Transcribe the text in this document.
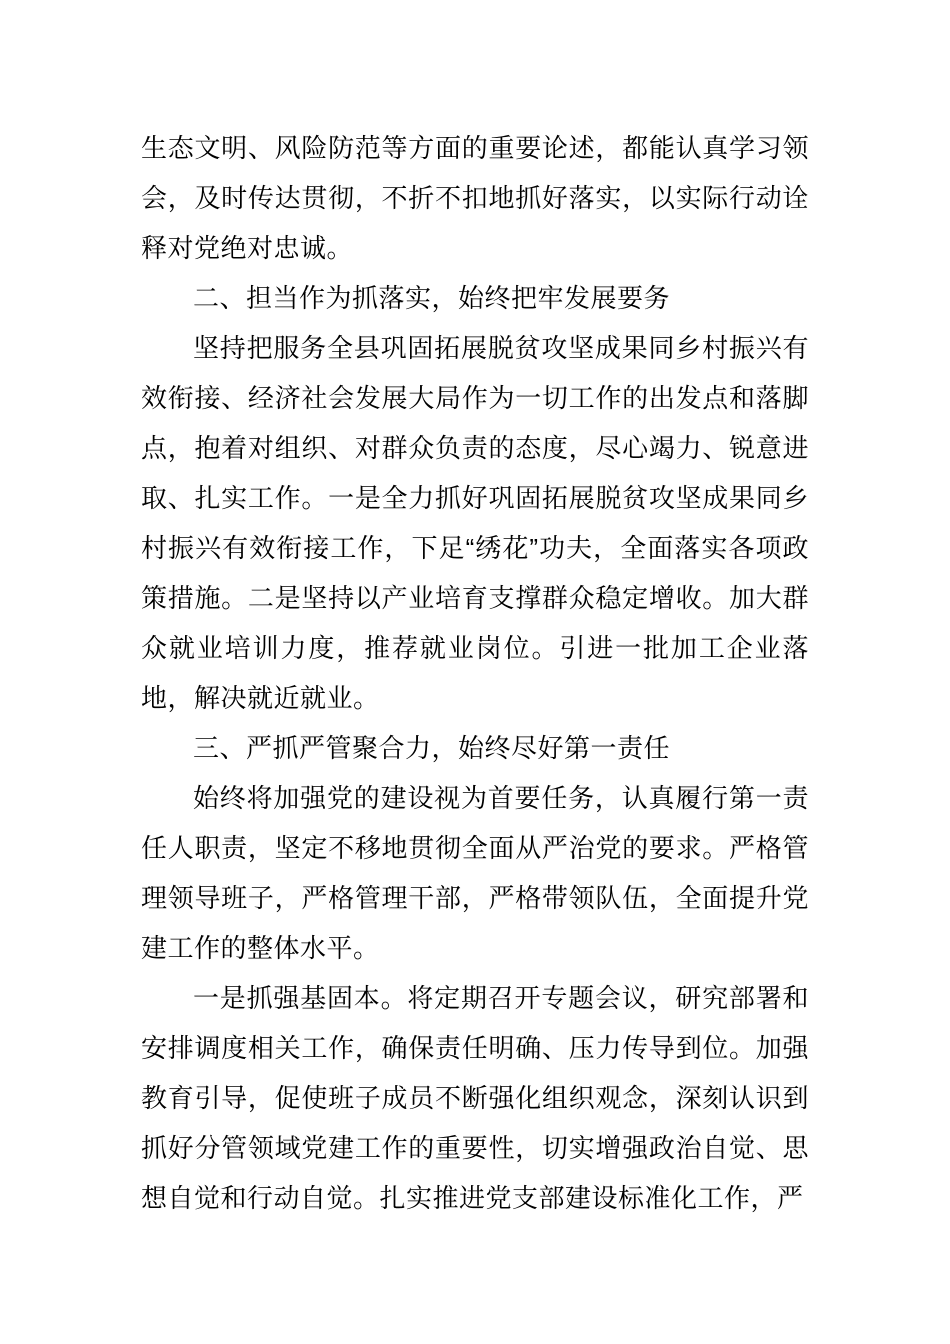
生态文明、风险防范等方面的重要论述，都能认真学习领会，及时传达贯彻，不折不扣地抓好落实，以实际行动诠释对党绝对忠诚。

二、担当作为抓落实，始终把牢发展要务

坚持把服务全县巩固拓展脱贫攻坚成果同乡村振兴有效衔接、经济社会发展大局作为一切工作的出发点和落脚点，抱着对组织、对群众负责的态度，尽心竭力、锐意进取、扎实工作。一是全力抓好巩固拓展脱贫攻坚成果同乡村振兴有效衔接工作，下足“绣花”功夫，全面落实各项政策措施。二是坚持以产业培育支撑群众稳定增收。加大群众就业培训力度，推荐就业岗位。引进一批加工企业落地，解决就近就业。

三、严抓严管聚合力，始终尽好第一责任

始终将加强党的建设视为首要任务，认真履行第一责任人职责，坚定不移地贯彻全面从严治党的要求。严格管理领导班子，严格管理干部，严格带领队伍，全面提升党建工作的整体水平。

一是抓强基固本。将定期召开专题会议，研究部署和安排调度相关工作，确保责任明确、压力传导到位。加强教育引导，促使班子成员不断强化组织观念，深刻认识到抓好分管领域党建工作的重要性，切实增强政治自觉、思想自觉和行动自觉。扎实推进党支部建设标准化工作，严
